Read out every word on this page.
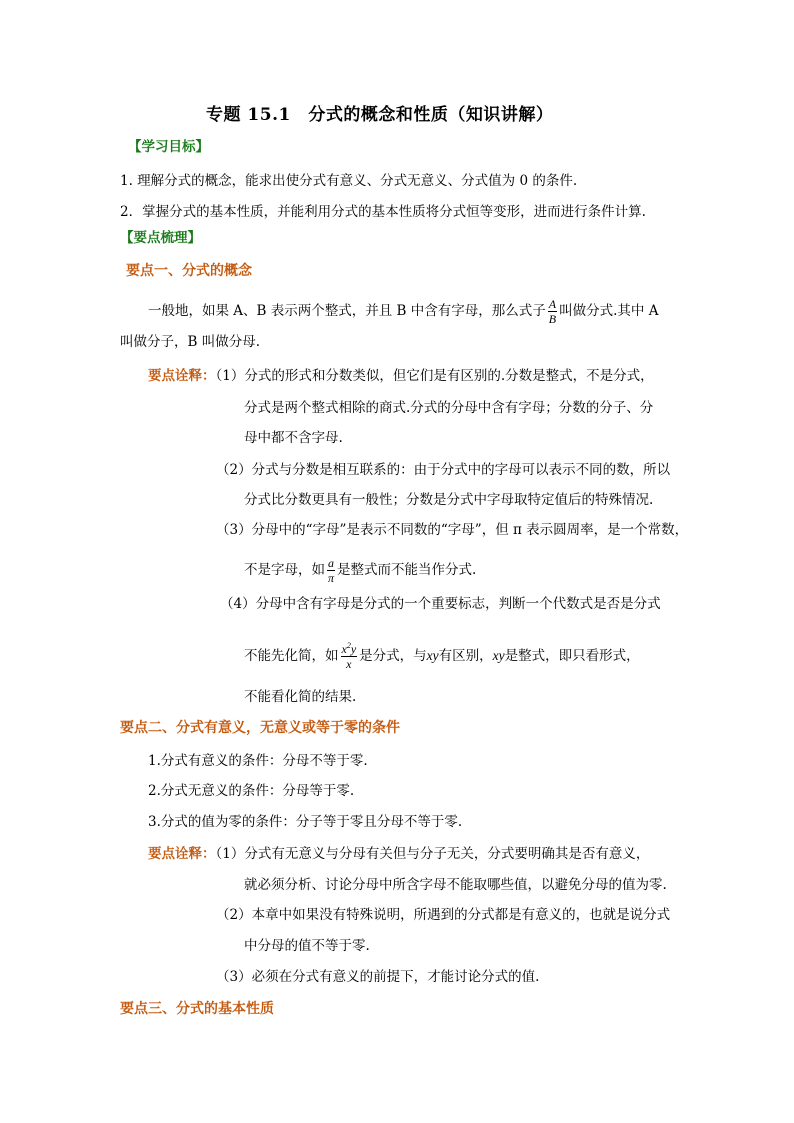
专题 15.1　分式的概念和性质（知识讲解）
【学习目标】
1. 理解分式的概念，能求出使分式有意义、分式无意义、分式值为 0 的条件.
2．掌握分式的基本性质，并能利用分式的基本性质将分式恒等变形，进而进行条件计算.
【要点梳理】
要点一、分式的概念
一般地，如果 A、B 表示两个整式，并且 B 中含有字母，那么式子 $\frac{A}{B}$ 叫做分式.其中 A
叫做分子，B 叫做分母.
要点诠释：（1）分式的形式和分数类似，但它们是有区别的.分数是整式，不是分式，
分式是两个整式相除的商式.分式的分母中含有字母；分数的分子、分
母中都不含字母.
（2）分式与分数是相互联系的：由于分式中的字母可以表示不同的数，所以
分式比分数更具有一般性；分数是分式中字母取特定值后的特殊情况.
（3）分母中的“字母”是表示不同数的“字母”，但 π 表示圆周率，是一个常数，
不是字母，如 $\frac{a}{\pi}$ 是整式而不能当作分式.
（4）分母中含有字母是分式的一个重要标志，判断一个代数式是否是分式
不能先化简，如 $\frac{x^2y}{x}$ 是分式，与xy有区别，xy是整式，即只看形式，
不能看化简的结果.
要点二、分式有意义，无意义或等于零的条件
1.分式有意义的条件：分母不等于零.
2.分式无意义的条件：分母等于零.
3.分式的值为零的条件：分子等于零且分母不等于零.
要点诠释：（1）分式有无意义与分母有关但与分子无关，分式要明确其是否有意义，
就必须分析、讨论分母中所含字母不能取哪些值，以避免分母的值为零.
（2）本章中如果没有特殊说明，所遇到的分式都是有意义的，也就是说分式
中分母的值不等于零.
（3）必须在分式有意义的前提下，才能讨论分式的值.
要点三、分式的基本性质
